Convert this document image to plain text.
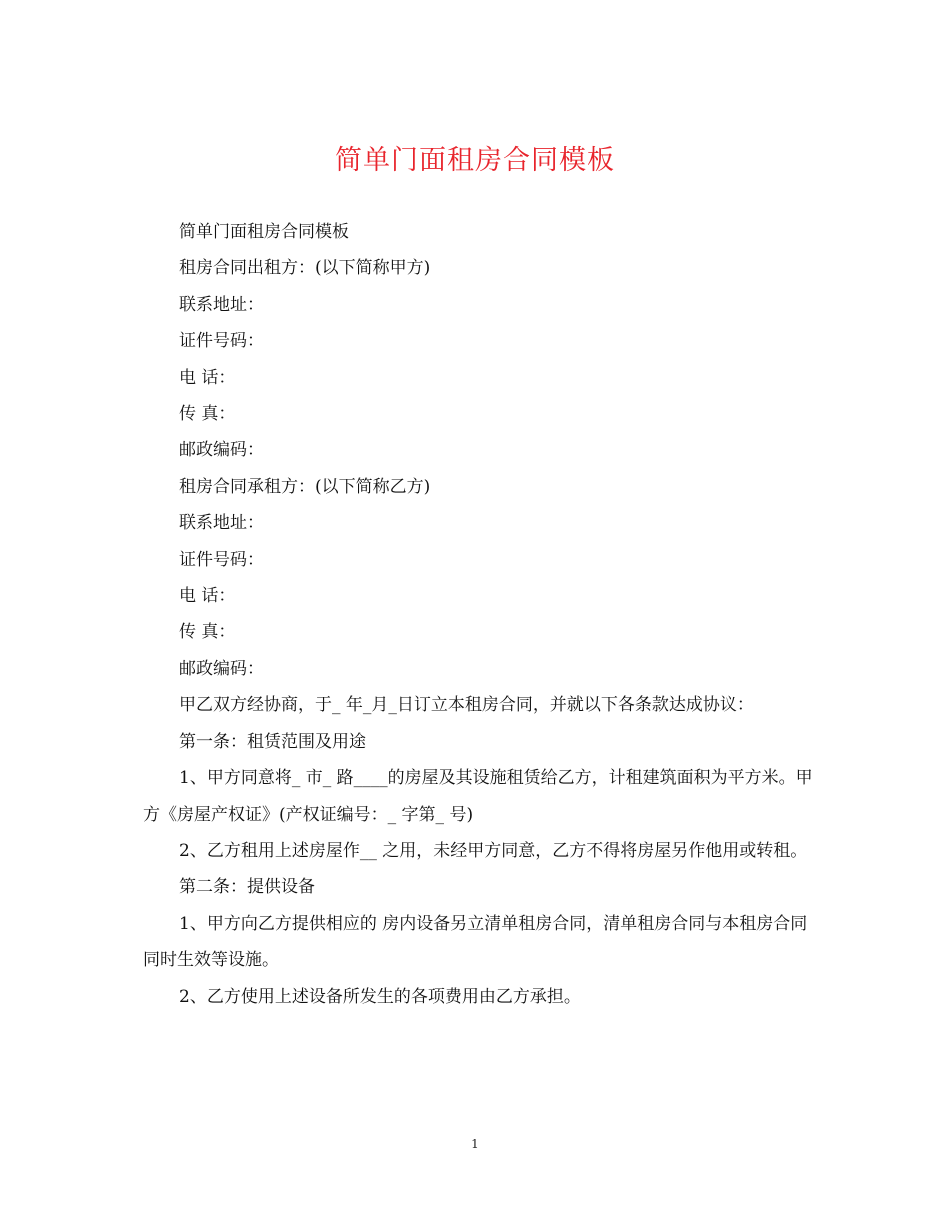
简单门面租房合同模板

简单门面租房合同模板

租房合同出租方：(以下简称甲方)

联系地址：

证件号码：

电 话：

传 真：

邮政编码：

租房合同承租方：(以下简称乙方)

联系地址：

证件号码：

电 话：

传 真：

邮政编码：

甲乙双方经协商，于_ 年_月_日订立本租房合同，并就以下各条款达成协议：

第一条：租赁范围及用途

1、甲方同意将_ 市_ 路____的房屋及其设施租赁给乙方，计租建筑面积为平方米。甲方《房屋产权证》(产权证编号：_ 字第_ 号)

2、乙方租用上述房屋作__ 之用，未经甲方同意，乙方不得将房屋另作他用或转租。

第二条：提供设备

1、甲方向乙方提供相应的 房内设备另立清单租房合同，清单租房合同与本租房合同同时生效等设施。

2、乙方使用上述设备所发生的各项费用由乙方承担。

1
